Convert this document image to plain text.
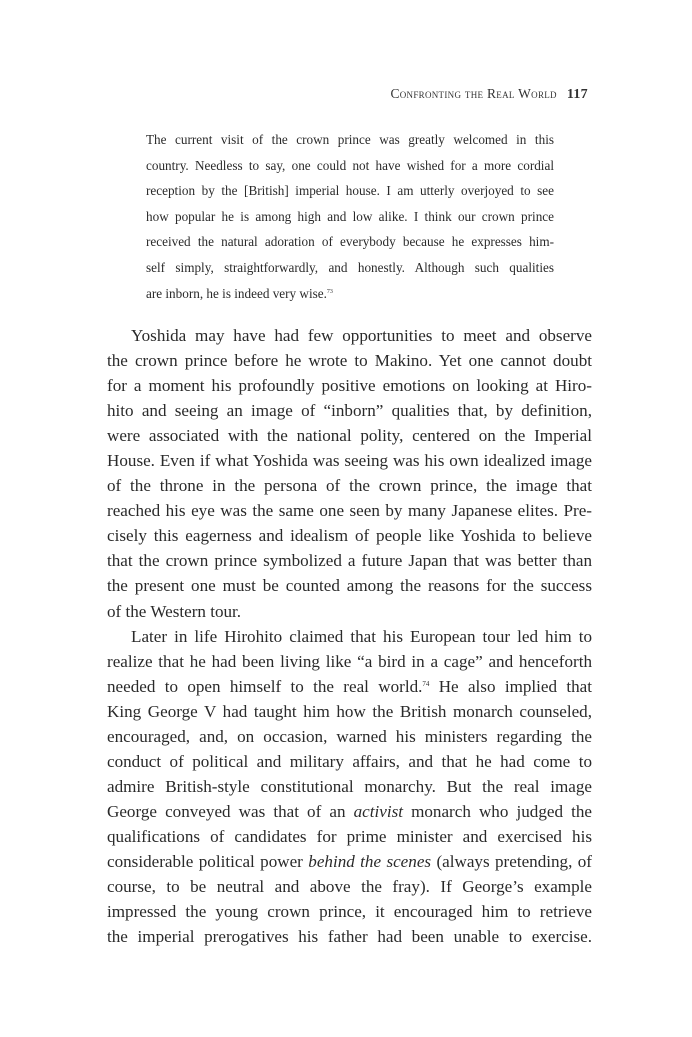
Confronting the Real World 117
The current visit of the crown prince was greatly welcomed in this
country. Needless to say, one could not have wished for a more cordial
reception by the [British] imperial house. I am utterly overjoyed to see
how popular he is among high and low alike. I think our crown prince
received the natural adoration of everybody because he expresses him-
self simply, straightforwardly, and honestly. Although such qualities
are inborn, he is indeed very wise.$^{73}$
Yoshida may have had few opportunities to meet and observe
the crown prince before he wrote to Makino. Yet one cannot doubt
for a moment his profoundly positive emotions on looking at Hiro-
hito and seeing an image of “inborn” qualities that, by definition,
were associated with the national polity, centered on the Imperial
House. Even if what Yoshida was seeing was his own idealized image
of the throne in the persona of the crown prince, the image that
reached his eye was the same one seen by many Japanese elites. Pre-
cisely this eagerness and idealism of people like Yoshida to believe
that the crown prince symbolized a future Japan that was better than
the present one must be counted among the reasons for the success
of the Western tour.
Later in life Hirohito claimed that his European tour led him to
realize that he had been living like “a bird in a cage” and henceforth
needed to open himself to the real world.$^{74}$ He also implied that
King George V had taught him how the British monarch counseled,
encouraged, and, on occasion, warned his ministers regarding the
conduct of political and military affairs, and that he had come to
admire British-style constitutional monarchy. But the real image
George conveyed was that of an activist monarch who judged the
qualifications of candidates for prime minister and exercised his
considerable political power behind the scenes (always pretending, of
course, to be neutral and above the fray). If George’s example
impressed the young crown prince, it encouraged him to retrieve
the imperial prerogatives his father had been unable to exercise.
